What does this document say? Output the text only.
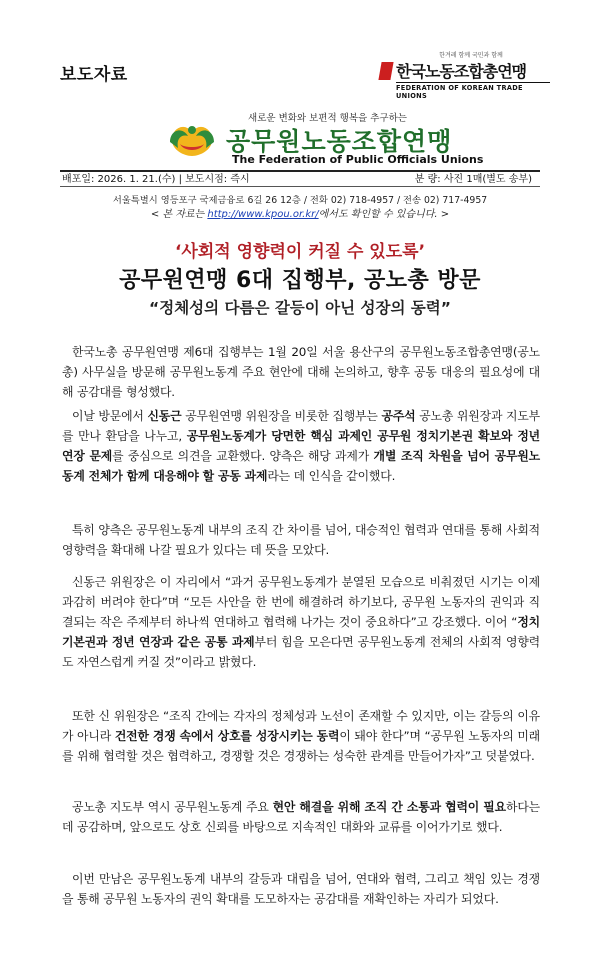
보도자료
한겨레 함께 국민과 함께
한국노동조합총연맹
FEDERATION OF KOREAN TRADE UNIONS
새로운 변화와 보편적 행복을 추구하는
공무원노동조합연맹
The Federation of Public Officials Unions
배포일: 2026. 1. 21.(수) | 보도시점: 즉시	분 량: 사진 1매(별도 송부)
서울특별시 영등포구 국제금융로 6길 26 12층 / 전화 02) 718-4957 / 전송 02) 717-4957
< 본 자료는 http://www.kpou.or.kr/에서도 확인할 수 있습니다. >
‘사회적 영향력이 커질 수 있도록’
공무원연맹 6대 집행부, 공노총 방문
“정체성의 다름은 갈등이 아닌 성장의 동력”

한국노총 공무원연맹 제6대 집행부는 1월 20일 서울 용산구의 공무원노동조합총연맹(공노총) 사무실을 방문해 공무원노동계 주요 현안에 대해 논의하고, 향후 공동 대응의 필요성에 대해 공감대를 형성했다.

이날 방문에서 신동근 공무원연맹 위원장을 비롯한 집행부는 공주석 공노총 위원장과 지도부를 만나 환담을 나누고, 공무원노동계가 당면한 핵심 과제인 공무원 정치기본권 확보와 정년 연장 문제를 중심으로 의견을 교환했다. 양측은 해당 과제가 개별 조직 차원을 넘어 공무원노동계 전체가 함께 대응해야 할 공동 과제라는 데 인식을 같이했다.

특히 양측은 공무원노동계 내부의 조직 간 차이를 넘어, 대승적인 협력과 연대를 통해 사회적 영향력을 확대해 나갈 필요가 있다는 데 뜻을 모았다.

신동근 위원장은 이 자리에서 “과거 공무원노동계가 분열된 모습으로 비춰졌던 시기는 이제 과감히 버려야 한다”며 “모든 사안을 한 번에 해결하려 하기보다, 공무원 노동자의 권익과 직결되는 작은 주제부터 하나씩 연대하고 협력해 나가는 것이 중요하다”고 강조했다. 이어 “정치기본권과 정년 연장과 같은 공통 과제부터 힘을 모은다면 공무원노동계 전체의 사회적 영향력도 자연스럽게 커질 것”이라고 밝혔다.

또한 신 위원장은 “조직 간에는 각자의 정체성과 노선이 존재할 수 있지만, 이는 갈등의 이유가 아니라 건전한 경쟁 속에서 상호를 성장시키는 동력이 돼야 한다”며 “공무원 노동자의 미래를 위해 협력할 것은 협력하고, 경쟁할 것은 경쟁하는 성숙한 관계를 만들어가자”고 덧붙였다.

공노총 지도부 역시 공무원노동계 주요 현안 해결을 위해 조직 간 소통과 협력이 필요하다는 데 공감하며, 앞으로도 상호 신뢰를 바탕으로 지속적인 대화와 교류를 이어가기로 했다.

이번 만남은 공무원노동계 내부의 갈등과 대립을 넘어, 연대와 협력, 그리고 책임 있는 경쟁을 통해 공무원 노동자의 권익 확대를 도모하자는 공감대를 재확인하는 자리가 되었다.
